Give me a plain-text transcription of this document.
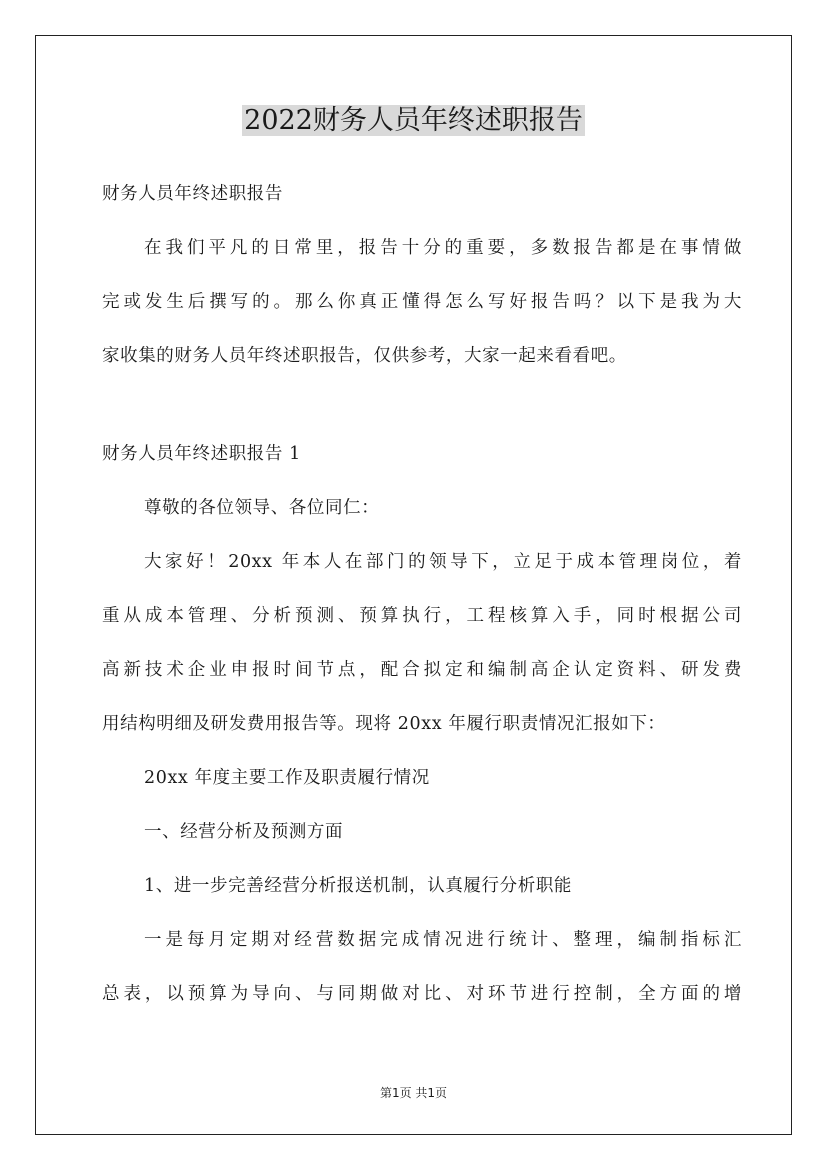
2022财务人员年终述职报告
财务人员年终述职报告
在我们平凡的日常里，报告十分的重要，多数报告都是在事情做
完或发生后撰写的。那么你真正懂得怎么写好报告吗？以下是我为大
家收集的财务人员年终述职报告，仅供参考，大家一起来看看吧。
财务人员年终述职报告 1
尊敬的各位领导、各位同仁：
大家好！20xx 年本人在部门的领导下，立足于成本管理岗位，着
重从成本管理、分析预测、预算执行，工程核算入手，同时根据公司
高新技术企业申报时间节点，配合拟定和编制高企认定资料、研发费
用结构明细及研发费用报告等。现将 20xx 年履行职责情况汇报如下：
20xx 年度主要工作及职责履行情况
一、经营分析及预测方面
1、进一步完善经营分析报送机制，认真履行分析职能
一是每月定期对经营数据完成情况进行统计、整理，编制指标汇
总表，以预算为导向、与同期做对比、对环节进行控制，全方面的增
第1页 共1页
